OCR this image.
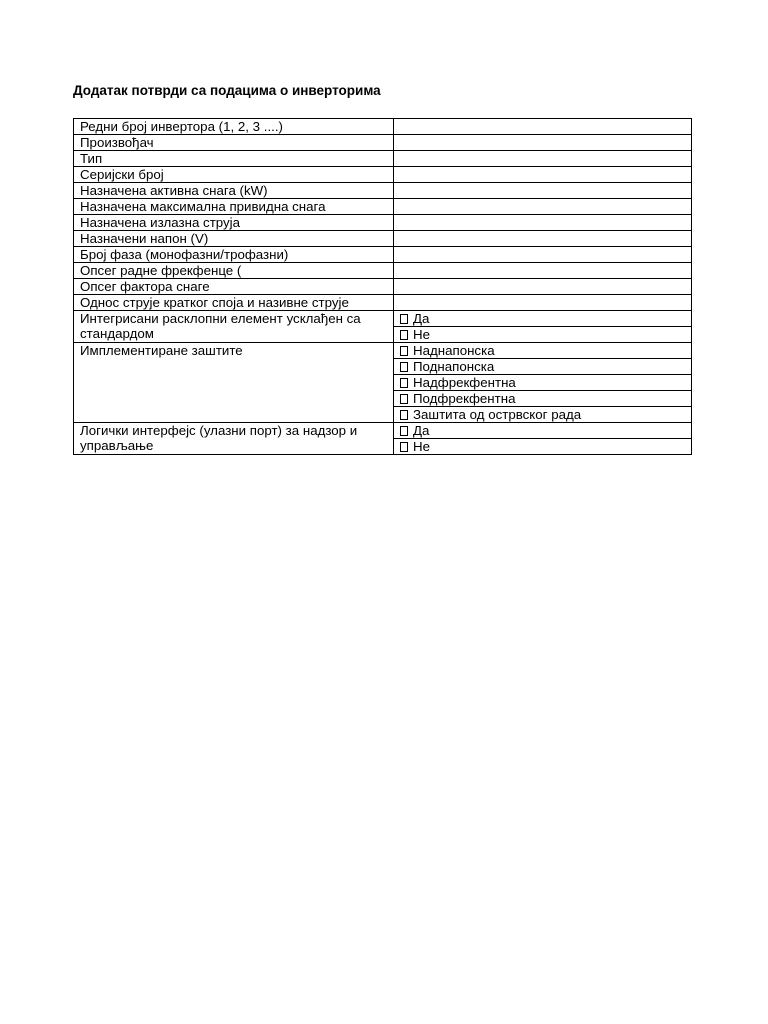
Додатак потврди са подацима о инверторима
Редни број инвертора (1, 2, 3 ....)	
Произвођач	
Тип	
Серијски број	
Назначена активна снага (kW)	
Назначена максимална привидна снага	
Назначена излазна струја	
Назначени напон (V)	
Број фаза (монофазни/трофазни)	
Опсег радне фрекфенце (	
Опсег фактора снаге	
Однос струје кратког споја и називне струје	

Интегрисани расклопни елемент усклађен са стандардом	Да
	Не

Имплементиране заштите	Наднапонска
	Поднапонска
	Надфрекфентна
	Подфрекфентна
	Заштита од острвског рада

Логички интерфејс (улазни порт) за надзор и управљање	Да
	Не
